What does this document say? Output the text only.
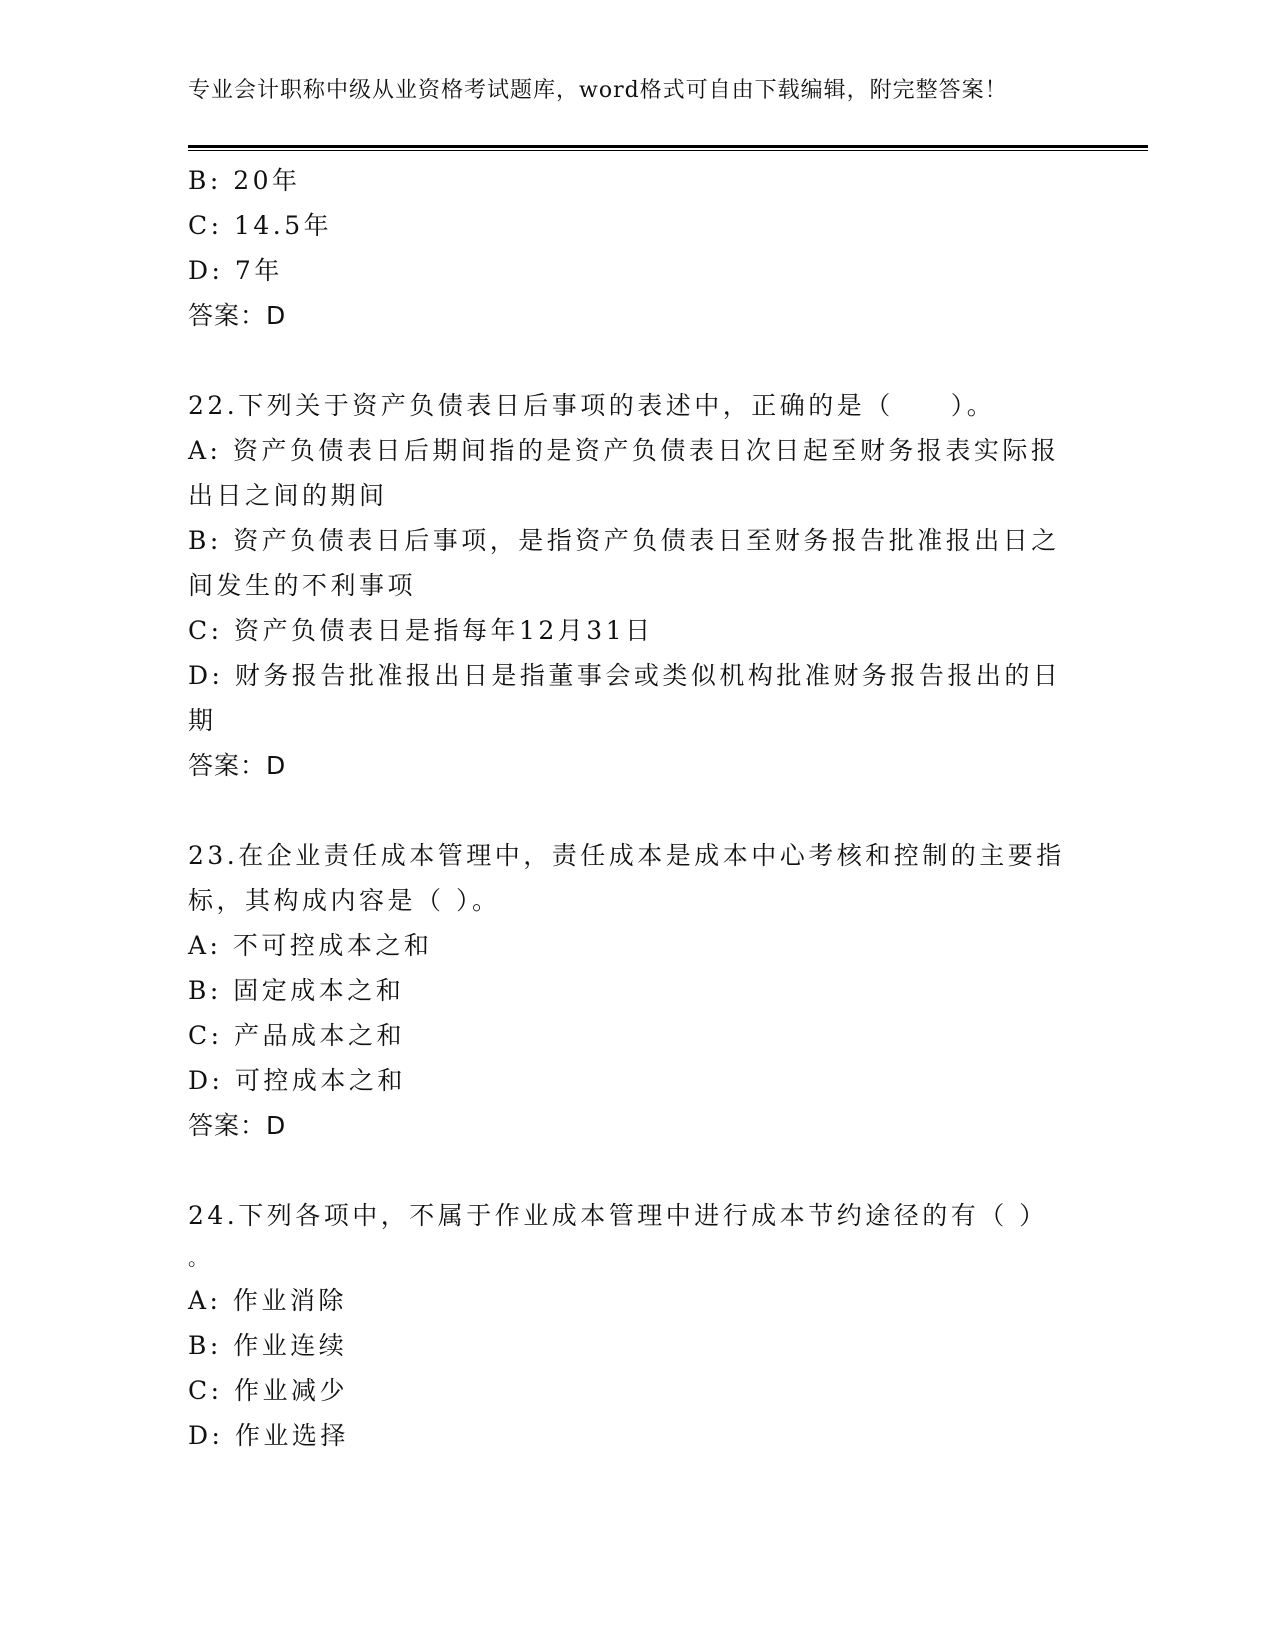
专业会计职称中级从业资格考试题库，word格式可自由下载编辑，附完整答案！
B: 20年
C: 14.5年
D: 7年
答案：D
22.下列关于资产负债表日后事项的表述中，正确的是（　　）。
A: 资产负债表日后期间指的是资产负债表日次日起至财务报表实际报出日之间的期间
B: 资产负债表日后事项，是指资产负债表日至财务报告批准报出日之间发生的不利事项
C: 资产负债表日是指每年12月31日
D: 财务报告批准报出日是指董事会或类似机构批准财务报告报出的日期
答案：D
23.在企业责任成本管理中，责任成本是成本中心考核和控制的主要指标，其构成内容是（ ）。
A: 不可控成本之和
B: 固定成本之和
C: 产品成本之和
D: 可控成本之和
答案：D
24.下列各项中，不属于作业成本管理中进行成本节约途径的有（ ）
。
A: 作业消除
B: 作业连续
C: 作业减少
D: 作业选择
